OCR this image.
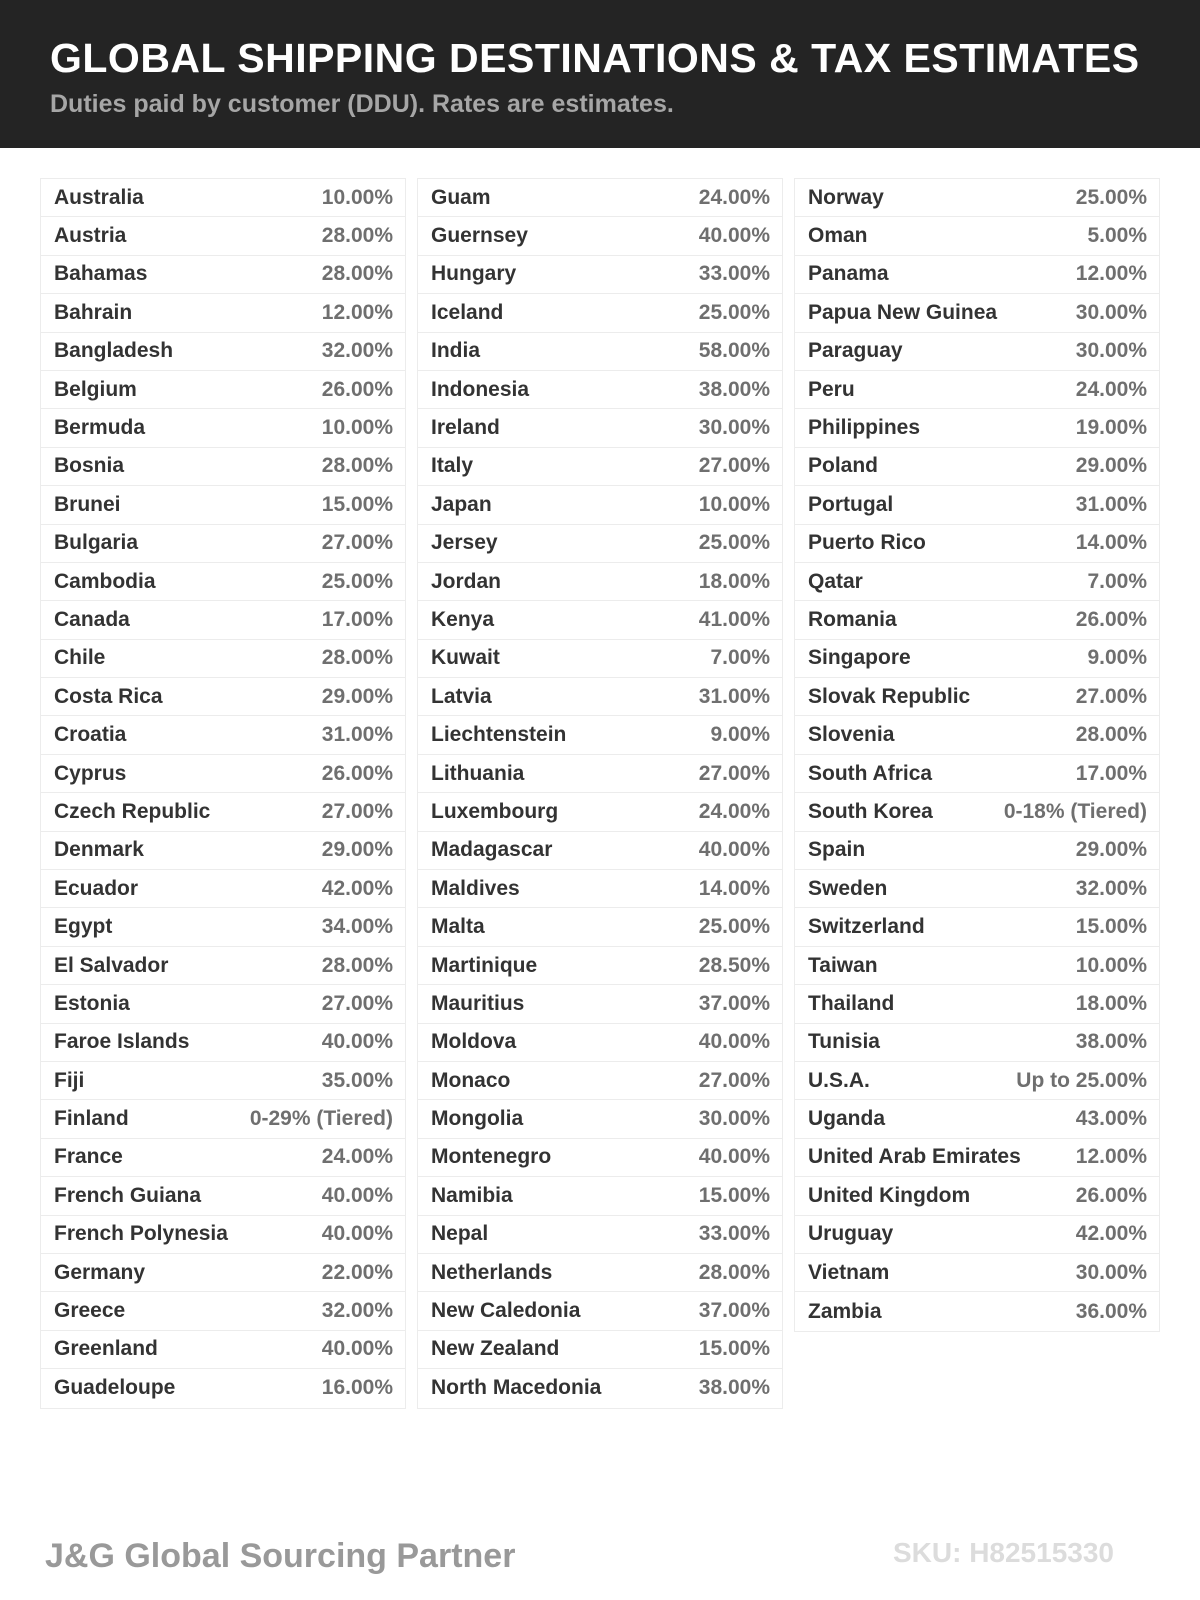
GLOBAL SHIPPING DESTINATIONS & TAX ESTIMATES
Duties paid by customer (DDU). Rates are estimates.
Australia	10.00%
Austria	28.00%
Bahamas	28.00%
Bahrain	12.00%
Bangladesh	32.00%
Belgium	26.00%
Bermuda	10.00%
Bosnia	28.00%
Brunei	15.00%
Bulgaria	27.00%
Cambodia	25.00%
Canada	17.00%
Chile	28.00%
Costa Rica	29.00%
Croatia	31.00%
Cyprus	26.00%
Czech Republic	27.00%
Denmark	29.00%
Ecuador	42.00%
Egypt	34.00%
El Salvador	28.00%
Estonia	27.00%
Faroe Islands	40.00%
Fiji	35.00%
Finland	0-29% (Tiered)
France	24.00%
French Guiana	40.00%
French Polynesia	40.00%
Germany	22.00%
Greece	32.00%
Greenland	40.00%
Guadeloupe	16.00%
Guam	24.00%
Guernsey	40.00%
Hungary	33.00%
Iceland	25.00%
India	58.00%
Indonesia	38.00%
Ireland	30.00%
Italy	27.00%
Japan	10.00%
Jersey	25.00%
Jordan	18.00%
Kenya	41.00%
Kuwait	7.00%
Latvia	31.00%
Liechtenstein	9.00%
Lithuania	27.00%
Luxembourg	24.00%
Madagascar	40.00%
Maldives	14.00%
Malta	25.00%
Martinique	28.50%
Mauritius	37.00%
Moldova	40.00%
Monaco	27.00%
Mongolia	30.00%
Montenegro	40.00%
Namibia	15.00%
Nepal	33.00%
Netherlands	28.00%
New Caledonia	37.00%
New Zealand	15.00%
North Macedonia	38.00%
Norway	25.00%
Oman	5.00%
Panama	12.00%
Papua New Guinea	30.00%
Paraguay	30.00%
Peru	24.00%
Philippines	19.00%
Poland	29.00%
Portugal	31.00%
Puerto Rico	14.00%
Qatar	7.00%
Romania	26.00%
Singapore	9.00%
Slovak Republic	27.00%
Slovenia	28.00%
South Africa	17.00%
South Korea	0-18% (Tiered)
Spain	29.00%
Sweden	32.00%
Switzerland	15.00%
Taiwan	10.00%
Thailand	18.00%
Tunisia	38.00%
U.S.A.	Up to 25.00%
Uganda	43.00%
United Arab Emirates	12.00%
United Kingdom	26.00%
Uruguay	42.00%
Vietnam	30.00%
Zambia	36.00%
J&G Global Sourcing Partner	SKU: H82515330
